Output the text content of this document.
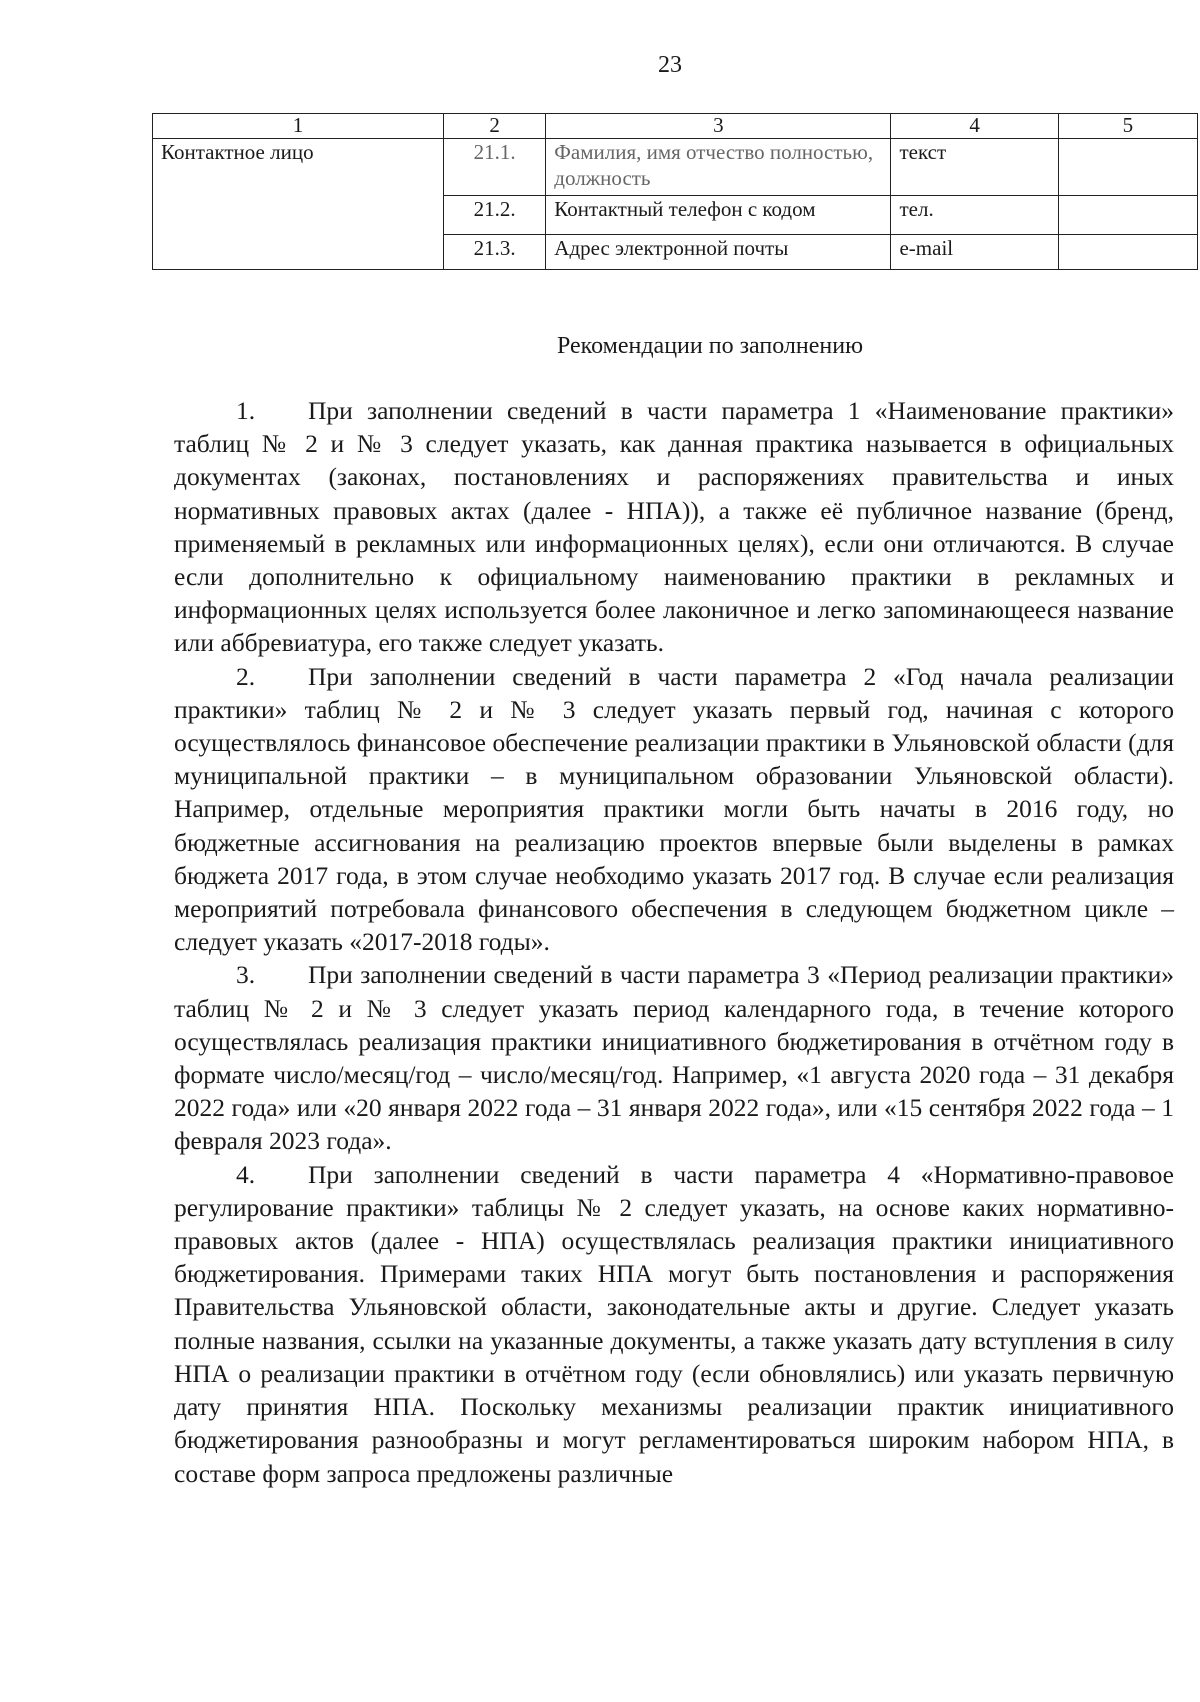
23
1	2	3	4	5
Контактное лицо	21.1.	Фамилия, имя отчество полностью, должность	текст	
	21.2.	Контактный телефон с кодом	тел.	
	21.3.	Адрес электронной почты	e-mail	
Рекомендации по заполнению

1. При заполнении сведений в части параметра 1 «Наименование практики» таблиц № 2 и № 3 следует указать, как данная практика называется в официальных документах (законах, постановлениях и распоряжениях правительства и иных нормативных правовых актах (далее - НПА)), а также её публичное название (бренд, применяемый в рекламных или информационных целях), если они отличаются. В случае если дополнительно к официальному наименованию практики в рекламных и информационных целях используется более лаконичное и легко запоминающееся название или аббревиатура, его также следует указать.

2. При заполнении сведений в части параметра 2 «Год начала реализации практики» таблиц № 2 и № 3 следует указать первый год, начиная с которого осуществлялось финансовое обеспечение реализации практики в Ульяновской области (для муниципальной практики – в муниципальном образовании Ульяновской области). Например, отдельные мероприятия практики могли быть начаты в 2016 году, но бюджетные ассигнования на реализацию проектов впервые были выделены в рамках бюджета 2017 года, в этом случае необходимо указать 2017 год. В случае если реализация мероприятий потребовала финансового обеспечения в следующем бюджетном цикле – следует указать «2017-2018 годы».

3. При заполнении сведений в части параметра 3 «Период реализации практики» таблиц № 2 и № 3 следует указать период календарного года, в течение которого осуществлялась реализация практики инициативного бюджетирования в отчётном году в формате число/месяц/год – число/месяц/год. Например, «1 августа 2020 года – 31 декабря 2022 года» или «20 января 2022 года – 31 января 2022 года», или «15 сентября 2022 года – 1 февраля 2023 года».

4. При заполнении сведений в части параметра 4 «Нормативно-правовое регулирование практики» таблицы № 2 следует указать, на основе каких нормативно-правовых актов (далее - НПА) осуществлялась реализация практики инициативного бюджетирования. Примерами таких НПА могут быть постановления и распоряжения Правительства Ульяновской области, законодательные акты и другие. Следует указать полные названия, ссылки на указанные документы, а также указать дату вступления в силу НПА о реализации практики в отчётном году (если обновлялись) или указать первичную дату принятия НПА. Поскольку механизмы реализации практик инициативного бюджетирования разнообразны и могут регламентироваться широким набором НПА, в составе форм запроса предложены различные
